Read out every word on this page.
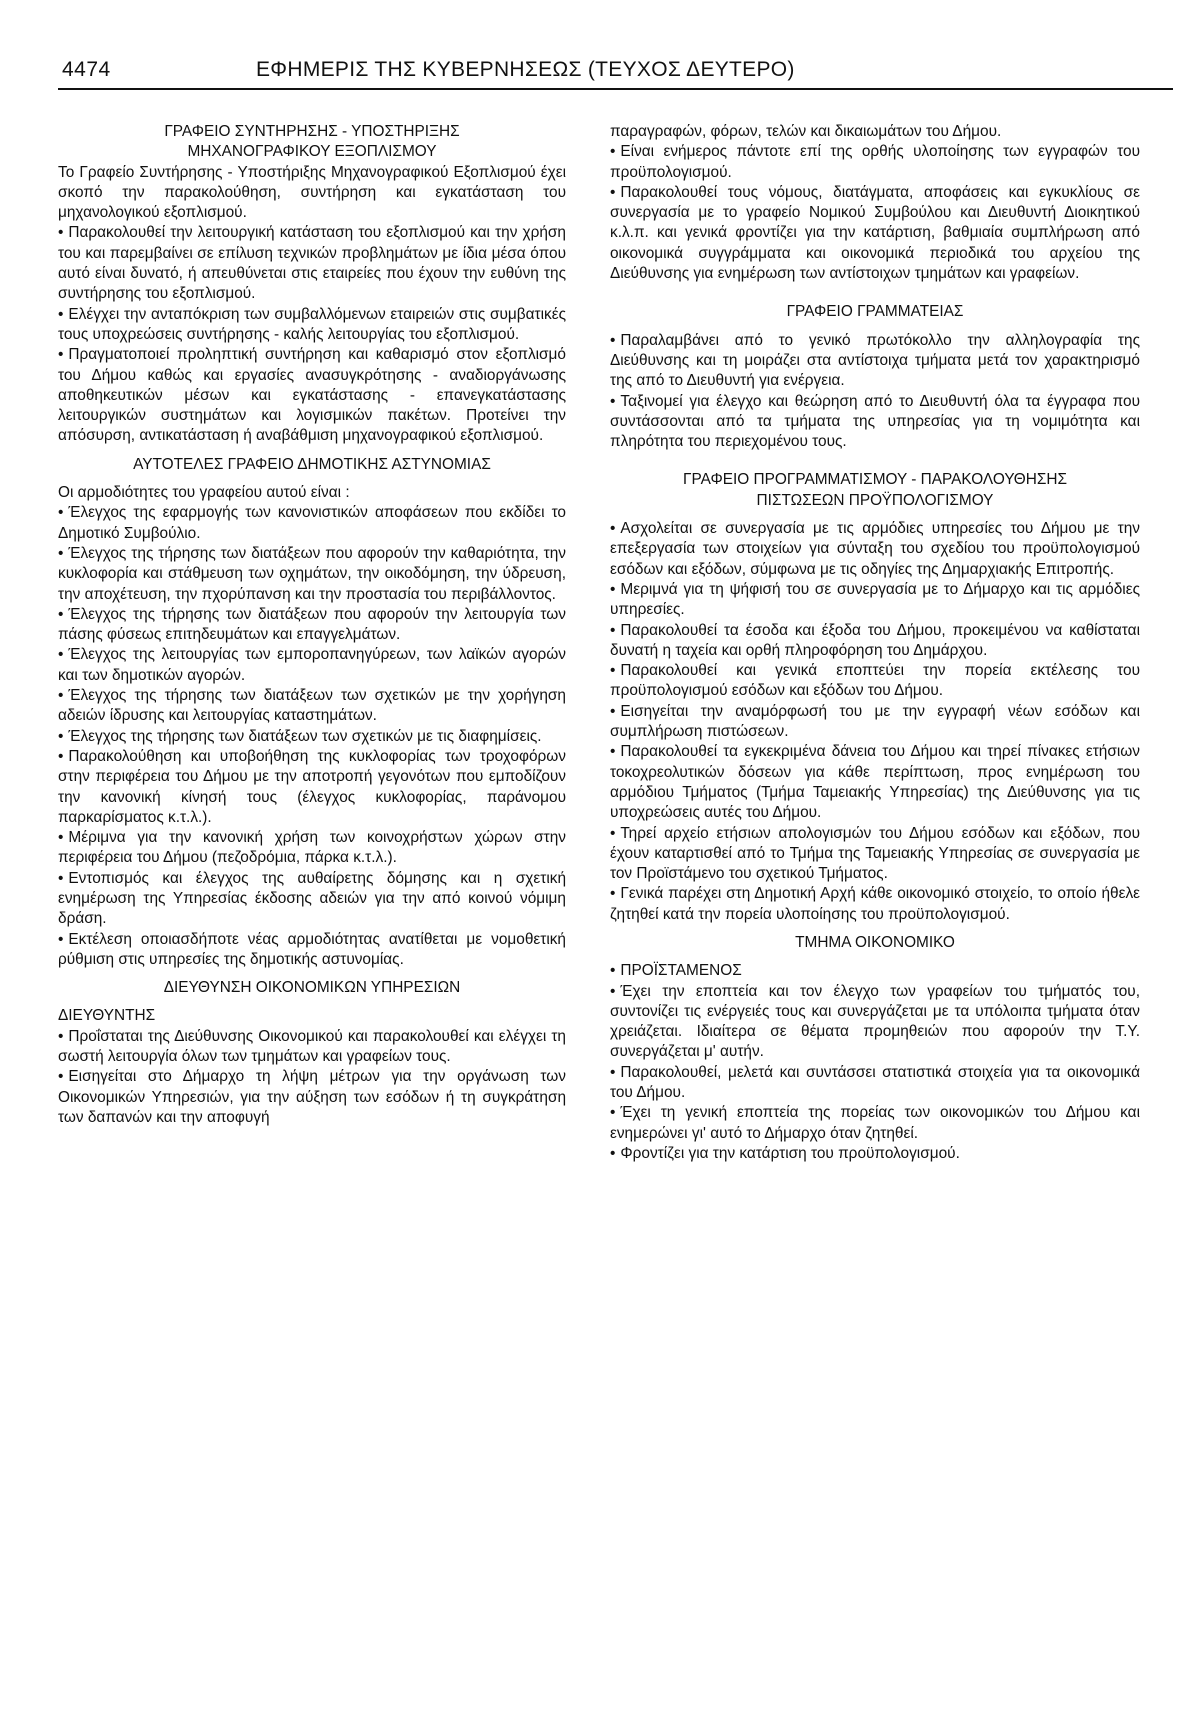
4474	ΕΦΗΜΕΡΙΣ ΤΗΣ ΚΥΒΕΡΝΗΣΕΩΣ (ΤΕΥΧΟΣ ΔΕΥΤΕΡΟ)

ΓΡΑΦΕΙΟ ΣΥΝΤΗΡΗΣΗΣ - ΥΠΟΣΤΗΡΙΞΗΣ

ΜΗΧΑΝΟΓΡΑΦΙΚΟΥ ΕΞΟΠΛΙΣΜΟΥ

Το Γραφείο Συντήρησης - Υποστήριξης Μηχανογραφικού Εξοπλισμού έχει σκοπό την παρακολούθηση, συντήρηση και εγκατάσταση του μηχανολογικού εξοπλισμού.

• Παρακολουθεί την λειτουργική κατάσταση του εξοπλισμού και την χρήση του και παρεμβαίνει σε επίλυση τεχνικών προβλημάτων με ίδια μέσα όπου αυτό είναι δυνατό, ή απευθύνεται στις εταιρείες που έχουν την ευθύνη της συντήρησης του εξοπλισμού.

• Ελέγχει την ανταπόκριση των συμβαλλόμενων εταιρειών στις συμβατικές τους υποχρεώσεις συντήρησης - καλής λειτουργίας του εξοπλισμού.

• Πραγματοποιεί προληπτική συντήρηση και καθαρισμό στον εξοπλισμό του Δήμου καθώς και εργασίες ανασυγκρότησης - αναδιοργάνωσης αποθηκευτικών μέσων και εγκατάστασης - επανεγκατάστασης λειτουργικών συστημάτων και λογισμικών πακέτων. Προτείνει την απόσυρση, αντικατάσταση ή αναβάθμιση μηχανογραφικού εξοπλισμού.

ΑΥΤΟΤΕΛΕΣ ΓΡΑΦΕΙΟ ΔΗΜΟΤΙΚΗΣ ΑΣΤΥΝΟΜΙΑΣ

Οι αρμοδιότητες του γραφείου αυτού είναι :

• Έλεγχος της εφαρμογής των κανονιστικών αποφάσεων που εκδίδει το Δημοτικό Συμβούλιο.

• Έλεγχος της τήρησης των διατάξεων που αφορούν την καθαριότητα, την κυκλοφορία και στάθμευση των οχημάτων, την οικοδόμηση, την ύδρευση, την αποχέτευση, την πχορύπανση και την προστασία του περιβάλλοντος.

• Έλεγχος της τήρησης των διατάξεων που αφορούν την λειτουργία των πάσης φύσεως επιτηδευμάτων και επαγγελμάτων.

• Έλεγχος της λειτουργίας των εμποροπανηγύρεων, των λαϊκών αγορών και των δημοτικών αγορών.

• Έλεγχος της τήρησης των διατάξεων των σχετικών με την χορήγηση αδειών ίδρυσης και λειτουργίας καταστημάτων.

• Έλεγχος της τήρησης των διατάξεων των σχετικών με τις διαφημίσεις.

• Παρακολούθηση και υποβοήθηση της κυκλοφορίας των τροχοφόρων στην περιφέρεια του Δήμου με την αποτροπή γεγονότων που εμποδίζουν την κανονική κίνησή τους (έλεγχος κυκλοφορίας, παράνομου παρκαρίσματος κ.τ.λ.).

• Μέριμνα για την κανονική χρήση των κοινοχρήστων χώρων στην περιφέρεια του Δήμου (πεζοδρόμια, πάρκα κ.τ.λ.).

• Εντοπισμός και έλεγχος της αυθαίρετης δόμησης και η σχετική ενημέρωση της Υπηρεσίας έκδοσης αδειών για την από κοινού νόμιμη δράση.

• Εκτέλεση οποιασδήποτε νέας αρμοδιότητας ανατίθεται με νομοθετική ρύθμιση στις υπηρεσίες της δημοτικής αστυνομίας.

ΔΙΕΥΘΥΝΣΗ ΟΙΚΟΝΟΜΙΚΩΝ ΥΠΗΡΕΣΙΩΝ

ΔΙΕΥΘΥΝΤΗΣ

• Προΐσταται της Διεύθυνσης Οικονομικού και παρακολουθεί και ελέγχει τη σωστή λειτουργία όλων των τμημάτων και γραφείων τους.

• Εισηγείται στο Δήμαρχο τη λήψη μέτρων για την οργάνωση των Οικονομικών Υπηρεσιών, για την αύξηση των εσόδων ή τη συγκράτηση των δαπανών και την αποφυγή

παραγραφών, φόρων, τελών και δικαιωμάτων του Δήμου.

• Είναι ενήμερος πάντοτε επί της ορθής υλοποίησης των εγγραφών του προϋπολογισμού.

• Παρακολουθεί τους νόμους, διατάγματα, αποφάσεις και εγκυκλίους σε συνεργασία με το γραφείο Νομικού Συμβούλου και Διευθυντή Διοικητικού κ.λ.π. και γενικά φροντίζει για την κατάρτιση, βαθμιαία συμπλήρωση από οικονομικά συγγράμματα και οικονομικά περιοδικά του αρχείου της Διεύθυνσης για ενημέρωση των αντίστοιχων τμημάτων και γραφείων.

ΓΡΑΦΕΙΟ ΓΡΑΜΜΑΤΕΙΑΣ

• Παραλαμβάνει από το γενικό πρωτόκολλο την αλληλογραφία της Διεύθυνσης και τη μοιράζει στα αντίστοιχα τμήματα μετά τον χαρακτηρισμό της από το Διευθυντή για ενέργεια.

• Ταξινομεί για έλεγχο και θεώρηση από το Διευθυντή όλα τα έγγραφα που συντάσσονται από τα τμήματα της υπηρεσίας για τη νομιμότητα και πληρότητα του περιεχομένου τους.

ΓΡΑΦΕΙΟ ΠΡΟΓΡΑΜΜΑΤΙΣΜΟΥ - ΠΑΡΑΚΟΛΟΥΘΗΣΗΣ

ΠΙΣΤΩΣΕΩΝ ΠΡΟΫΠΟΛΟΓΙΣΜΟΥ

• Ασχολείται σε συνεργασία με τις αρμόδιες υπηρεσίες του Δήμου με την επεξεργασία των στοιχείων για σύνταξη του σχεδίου του προϋπολογισμού εσόδων και εξόδων, σύμφωνα με τις οδηγίες της Δημαρχιακής Επιτροπής.

• Μεριμνά για τη ψήφισή του σε συνεργασία με το Δήμαρχο και τις αρμόδιες υπηρεσίες.

• Παρακολουθεί τα έσοδα και έξοδα του Δήμου, προκειμένου να καθίσταται δυνατή η ταχεία και ορθή πληροφόρηση του Δημάρχου.

• Παρακολουθεί και γενικά εποπτεύει την πορεία εκτέλεσης του προϋπολογισμού εσόδων και εξόδων του Δήμου.

• Εισηγείται την αναμόρφωσή του με την εγγραφή νέων εσόδων και συμπλήρωση πιστώσεων.

• Παρακολουθεί τα εγκεκριμένα δάνεια του Δήμου και τηρεί πίνακες ετήσιων τοκοχρεολυτικών δόσεων για κάθε περίπτωση, προς ενημέρωση του αρμόδιου Τμήματος (Τμήμα Ταμειακής Υπηρεσίας) της Διεύθυνσης για τις υποχρεώσεις αυτές του Δήμου.

• Τηρεί αρχείο ετήσιων απολογισμών του Δήμου εσόδων και εξόδων, που έχουν καταρτισθεί από το Τμήμα της Ταμειακής Υπηρεσίας σε συνεργασία με τον Προϊστάμενο του σχετικού Τμήματος.

• Γενικά παρέχει στη Δημοτική Αρχή κάθε οικονομικό στοιχείο, το οποίο ήθελε ζητηθεί κατά την πορεία υλοποίησης του προϋπολογισμού.

ΤΜΗΜΑ ΟΙΚΟΝΟΜΙΚΟ

• ΠΡΟΪΣΤΑΜΕΝΟΣ

• Έχει την εποπτεία και τον έλεγχο των γραφείων του τμήματός του, συντονίζει τις ενέργειές τους και συνεργάζεται με τα υπόλοιπα τμήματα όταν χρειάζεται. Ιδιαίτερα σε θέματα προμηθειών που αφορούν την Τ.Υ. συνεργάζεται μ' αυτήν.

• Παρακολουθεί, μελετά και συντάσσει στατιστικά στοιχεία για τα οικονομικά του Δήμου.

• Έχει τη γενική εποπτεία της πορείας των οικονομικών του Δήμου και ενημερώνει γι' αυτό το Δήμαρχο όταν ζητηθεί.

• Φροντίζει για την κατάρτιση του προϋπολογισμού.
